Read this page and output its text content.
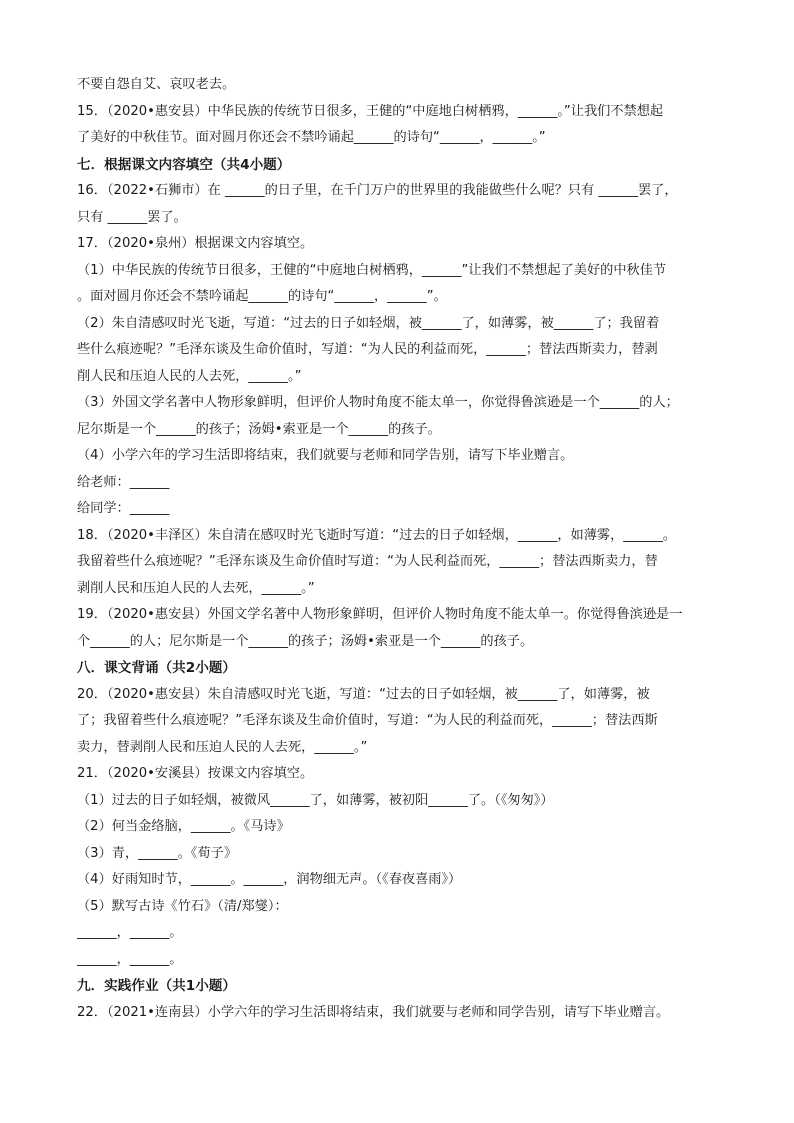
不要自怨自艾、哀叹老去。
15．（2020•惠安县）中华民族的传统节日很多，王健的“中庭地白树栖鸦，______。”让我们不禁想起
了美好的中秋佳节。面对圆月你还会不禁吟诵起______的诗句“______，______。”
七．根据课文内容填空（共4小题）
16．（2022•石狮市）在 ______的日子里，在千门万户的世界里的我能做些什么呢？只有 ______罢了，
只有 ______罢了。
17．（2020•泉州）根据课文内容填空。
（1）中华民族的传统节日很多，王健的“中庭地白树栖鸦，______”让我们不禁想起了美好的中秋佳节
。面对圆月你还会不禁吟诵起______的诗句“______，______”。
（2）朱自清感叹时光飞逝，写道：“过去的日子如轻烟，被______了，如薄雾，被______了；我留着
些什么痕迹呢？”毛泽东谈及生命价值时，写道：“为人民的利益而死，______；替法西斯卖力，替剥
削人民和压迫人民的人去死，______。”
（3）外国文学名著中人物形象鲜明，但评价人物时角度不能太单一，你觉得鲁滨逊是一个______的人；
尼尔斯是一个______的孩子；汤姆•索亚是一个______的孩子。
（4）小学六年的学习生活即将结束，我们就要与老师和同学告别，请写下毕业赠言。
给老师：______
给同学：______
18．（2020•丰泽区）朱自清在感叹时光飞逝时写道：“过去的日子如轻烟，______，如薄雾，______。
我留着些什么痕迹呢？”毛泽东谈及生命价值时写道：“为人民利益而死，______；替法西斯卖力，替
剥削人民和压迫人民的人去死，______。”
19．（2020•惠安县）外国文学名著中人物形象鲜明，但评价人物时角度不能太单一。你觉得鲁滨逊是一
个______的人；尼尔斯是一个______的孩子；汤姆•索亚是一个______的孩子。
八．课文背诵（共2小题）
20．（2020•惠安县）朱自清感叹时光飞逝，写道：“过去的日子如轻烟，被______了，如薄雾，被
了；我留着些什么痕迹呢？”毛泽东谈及生命价值时，写道：“为人民的利益而死，______；替法西斯
卖力，替剥削人民和压迫人民的人去死，______。”
21．（2020•安溪县）按课文内容填空。
（1）过去的日子如轻烟，被微风______了，如薄雾，被初阳______了。（《匆匆》）
（2）何当金络脑，______。《马诗》
（3）青，______。《荀子》
（4）好雨知时节，______。______，润物细无声。（《春夜喜雨》）
（5）默写古诗《竹石》（清/郑燮）：
______，______。
______，______。
九．实践作业（共1小题）
22．（2021•连南县）小学六年的学习生活即将结束，我们就要与老师和同学告别，请写下毕业赠言。
